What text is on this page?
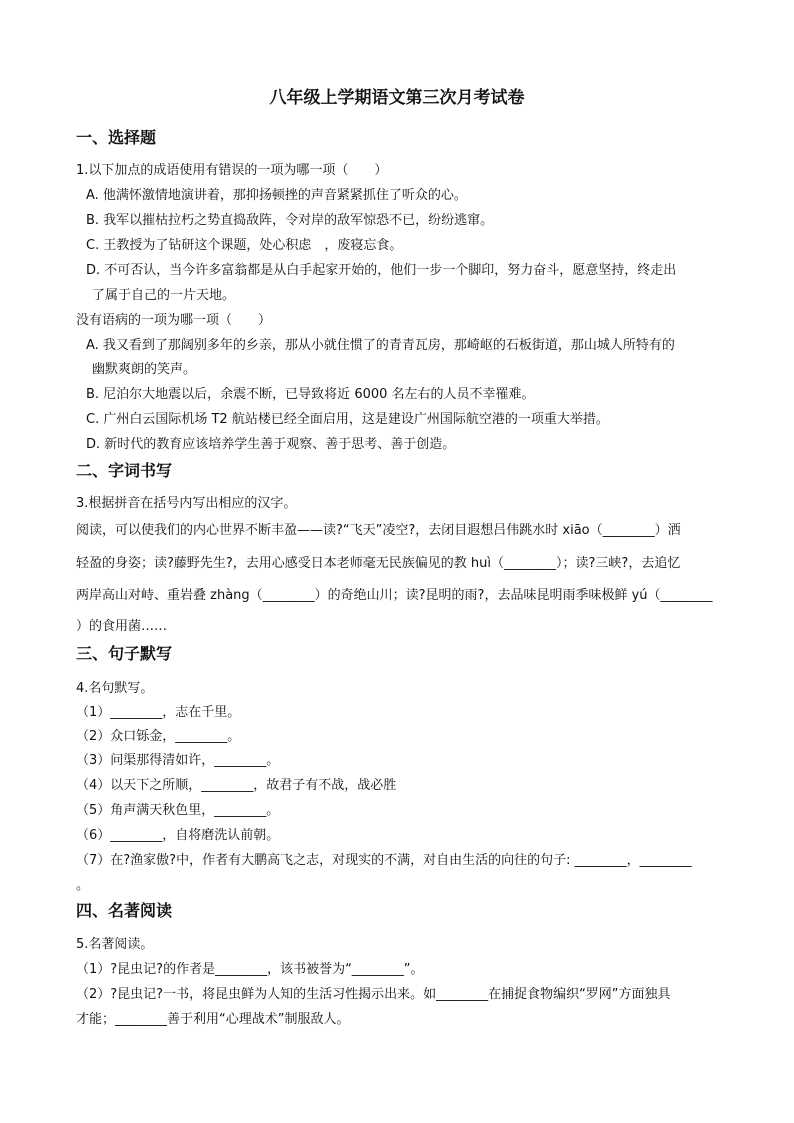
八年级上学期语文第三次月考试卷
一、选择题
1.以下加点的成语使用有错误的一项为哪一项（　　）
A. 他满怀激情地演讲着，那抑扬顿挫的声音紧紧抓住了听众的心。
B. 我军以摧枯拉朽之势直捣敌阵，令对岸的敌军惊恐不已，纷纷逃窜。
C. 王教授为了钻研这个课题，处心积虑　，废寝忘食。
D. 不可否认，当今许多富翁都是从白手起家开始的，他们一步一个脚印，努力奋斗，愿意坚持，终走出
了属于自己的一片天地。
没有语病的一项为哪一项（　　）
A. 我又看到了那阔别多年的乡亲，那从小就住惯了的青青瓦房，那崎岖的石板街道，那山城人所特有的
幽默爽朗的笑声。
B. 尼泊尔大地震以后，余震不断，已导致将近 6000 名左右的人员不幸罹难。
C. 广州白云国际机场 T2 航站楼已经全面启用，这是建设广州国际航空港的一项重大举措。
D. 新时代的教育应该培养学生善于观察、善于思考、善于创造。
二、字词书写
3.根据拼音在括号内写出相应的汉字。
阅读，可以使我们的内心世界不断丰盈——读?“飞天”凌空?，去闭目遐想吕伟跳水时 xiāo（________）洒
轻盈的身姿；读?藤野先生?，去用心感受日本老师毫无民族偏见的教 huì（________）；读?三峡?，去追忆
两岸高山对峙、重岩叠 zhàng（________）的奇绝山川；读?昆明的雨?，去品味昆明雨季味极鲜 yú（________
）的食用菌……
三、句子默写
4.名句默写。
（1）________，志在千里。
（2）众口铄金，________。
（3）问渠那得清如许，________。
（4）以天下之所顺，________，故君子有不战，战必胜
（5）角声满天秋色里，________。
（6）________，自将磨洗认前朝。
（7）在?渔家傲?中，作者有大鹏高飞之志，对现实的不满，对自由生活的向往的句子: ________，________
。
四、名著阅读
5.名著阅读。
（1）?昆虫记?的作者是________，该书被誉为“________”。
（2）?昆虫记?一书，将昆虫鲜为人知的生活习性揭示出来。如________在捕捉食物编织“罗网”方面独具
才能；________善于利用“心理战术”制服敌人。
